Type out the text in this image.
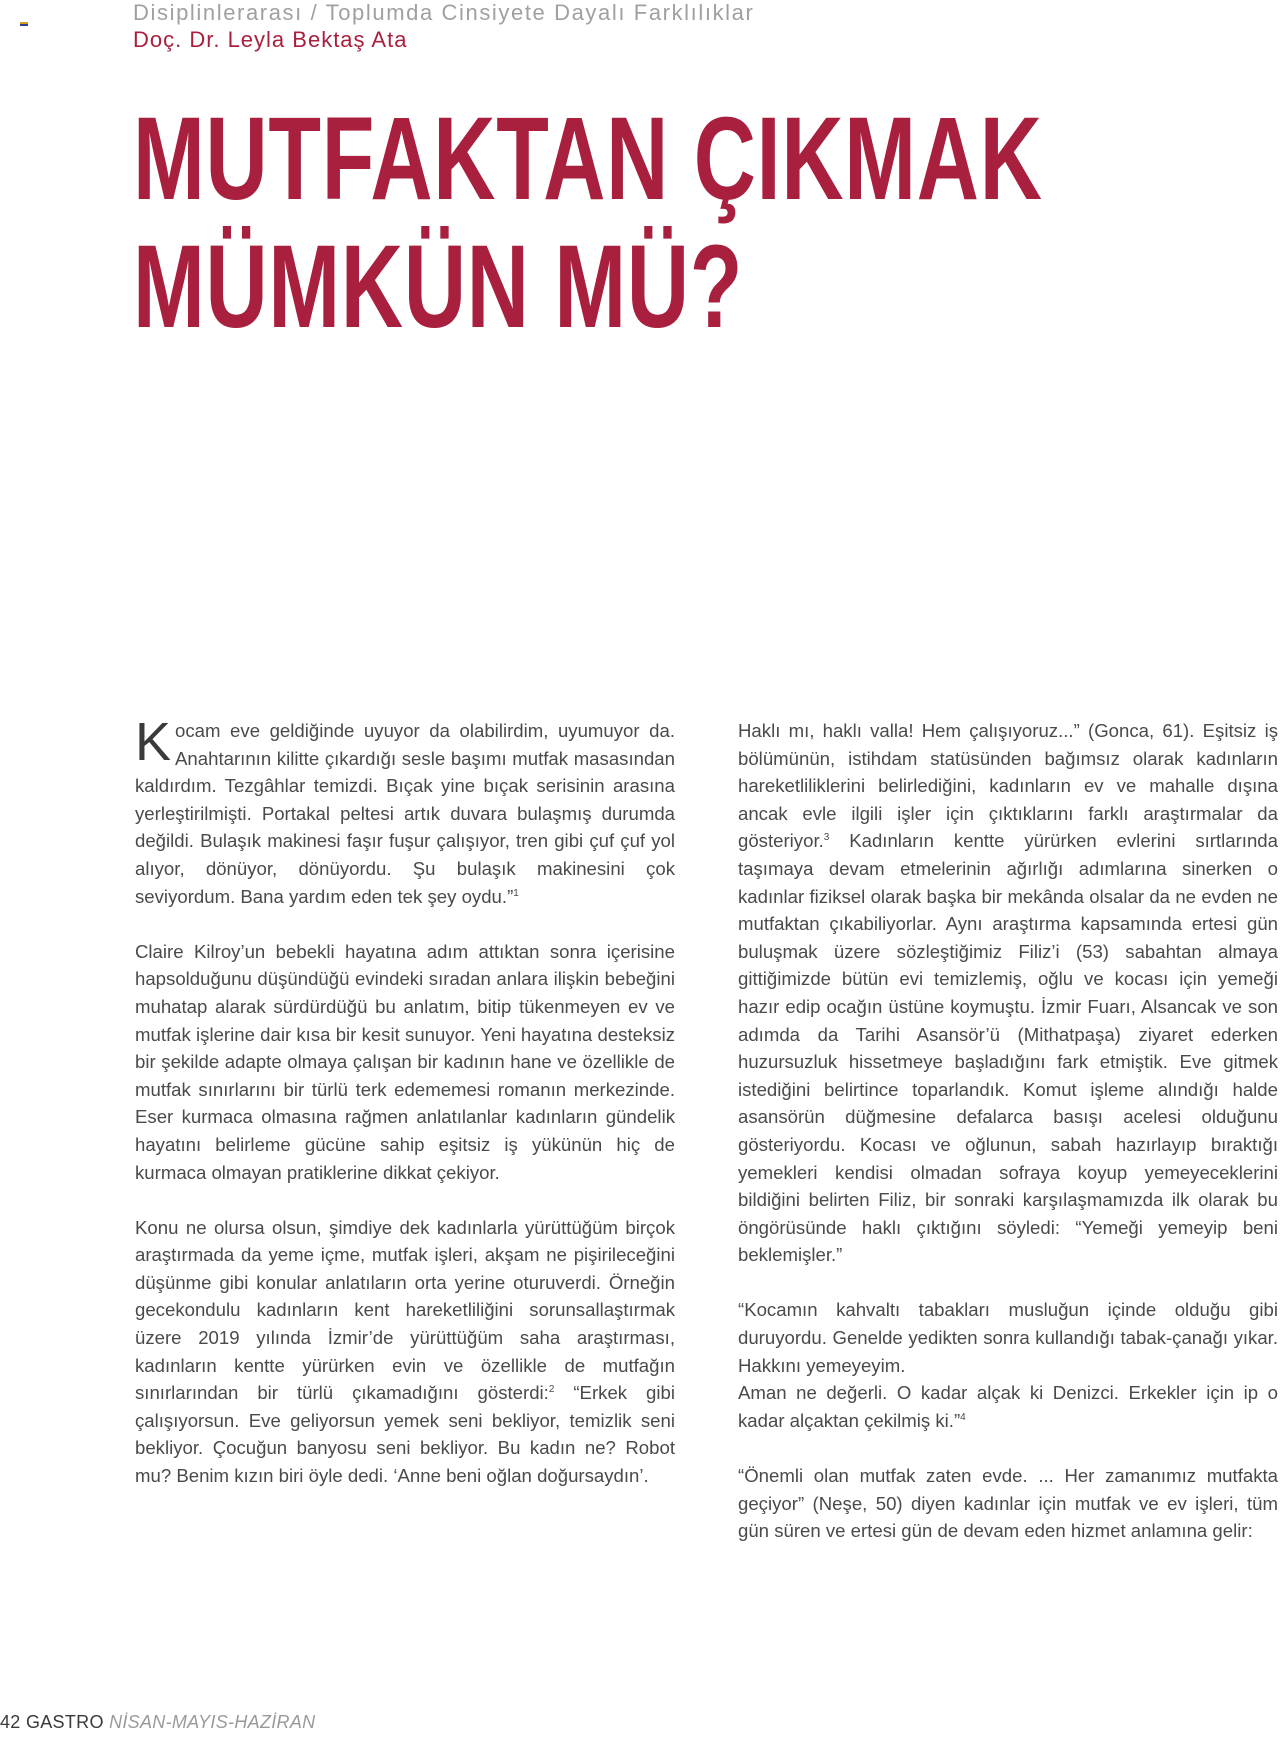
Disiplinlerarası / Toplumda Cinsiyete Dayalı Farklılıklar
Doç. Dr. Leyla Bektaş Ata
MUTFAKTAN ÇIKMAK
MÜMKÜN MÜ?

Kocam eve geldiğinde uyuyor da olabilirdim, uyumuyor da. Anahtarının kilitte çıkardığı sesle başımı mutfak masasından kaldırdım. Tezgâhlar temizdi. Bıçak yine bıçak serisinin arasına yerleştirilmişti. Portakal peltesi artık duvara bulaşmış durumda değildi. Bulaşık makinesi faşır fuşur çalışıyor, tren gibi çuf çuf yol alıyor, dönüyor, dönüyordu. Şu bulaşık makinesini çok seviyordum. Bana yardım eden tek şey oydu.”$^1$

Claire Kilroy’un bebekli hayatına adım attıktan sonra içerisine hapsolduğunu düşündüğü evindeki sıradan anlara ilişkin bebeğini muhatap alarak sürdürdüğü bu anlatım, bitip tükenmeyen ev ve mutfak işlerine dair kısa bir kesit sunuyor. Yeni hayatına desteksiz bir şekilde adapte olmaya çalışan bir kadının hane ve özellikle de mutfak sınırlarını bir türlü terk edememesi romanın merkezinde. Eser kurmaca olmasına rağmen anlatılanlar kadınların gündelik hayatını belirleme gücüne sahip eşitsiz iş yükünün hiç de kurmaca olmayan pratiklerine dikkat çekiyor.

Konu ne olursa olsun, şimdiye dek kadınlarla yürüttüğüm birçok araştırmada da yeme içme, mutfak işleri, akşam ne pişirileceğini düşünme gibi konular anlatıların orta yerine oturuverdi. Örneğin gecekondulu kadınların kent hareketliliğini sorunsallaştırmak üzere 2019 yılında İzmir’de yürüttüğüm saha araştırması, kadınların kentte yürürken evin ve özellikle de mutfağın sınırlarından bir türlü çıkamadığını gösterdi:$^2$ “Erkek gibi çalışıyorsun. Eve geliyorsun yemek seni bekliyor, temizlik seni bekliyor. Çocuğun banyosu seni bekliyor. Bu kadın ne? Robot mu? Benim kızın biri öyle dedi. ‘Anne beni oğlan doğursaydın’.

Haklı mı, haklı valla! Hem çalışıyoruz...” (Gonca, 61). Eşitsiz iş bölümünün, istihdam statüsünden bağımsız olarak kadınların hareketliliklerini belirlediğini, kadınların ev ve mahalle dışına ancak evle ilgili işler için çıktıklarını farklı araştırmalar da gösteriyor.$^3$ Kadınların kentte yürürken evlerini sırtlarında taşımaya devam etmelerinin ağırlığı adımlarına sinerken o kadınlar fiziksel olarak başka bir mekânda olsalar da ne evden ne mutfaktan çıkabiliyorlar. Aynı araştırma kapsamında ertesi gün buluşmak üzere sözleştiğimiz Filiz’i (53) sabahtan almaya gittiğimizde bütün evi temizlemiş, oğlu ve kocası için yemeği hazır edip ocağın üstüne koymuştu. İzmir Fuarı, Alsancak ve son adımda da Tarihi Asansör’ü (Mithatpaşa) ziyaret ederken huzursuzluk hissetmeye başladığını fark etmiştik. Eve gitmek istediğini belirtince toparlandık. Komut işleme alındığı halde asansörün düğmesine defalarca basışı acelesi olduğunu gösteriyordu. Kocası ve oğlunun, sabah hazırlayıp bıraktığı yemekleri kendisi olmadan sofraya koyup yemeyeceklerini bildiğini belirten Filiz, bir sonraki karşılaşmamızda ilk olarak bu öngörüsünde haklı çıktığını söyledi: “Yemeği yemeyip beni beklemişler.”

“Kocamın kahvaltı tabakları musluğun içinde olduğu gibi duruyordu. Genelde yedikten sonra kullandığı tabak-çanağı yıkar. Hakkını yemeyeyim.
Aman ne değerli. O kadar alçak ki Denizci. Erkekler için ip o kadar alçaktan çekilmiş ki.”$^4$

“Önemli olan mutfak zaten evde. ... Her zamanımız mutfakta geçiyor” (Neşe, 50) diyen kadınlar için mutfak ve ev işleri, tüm gün süren ve ertesi gün de devam eden hizmet anlamına gelir:

42 GASTRO NİSAN-MAYIS-HAZİRAN
